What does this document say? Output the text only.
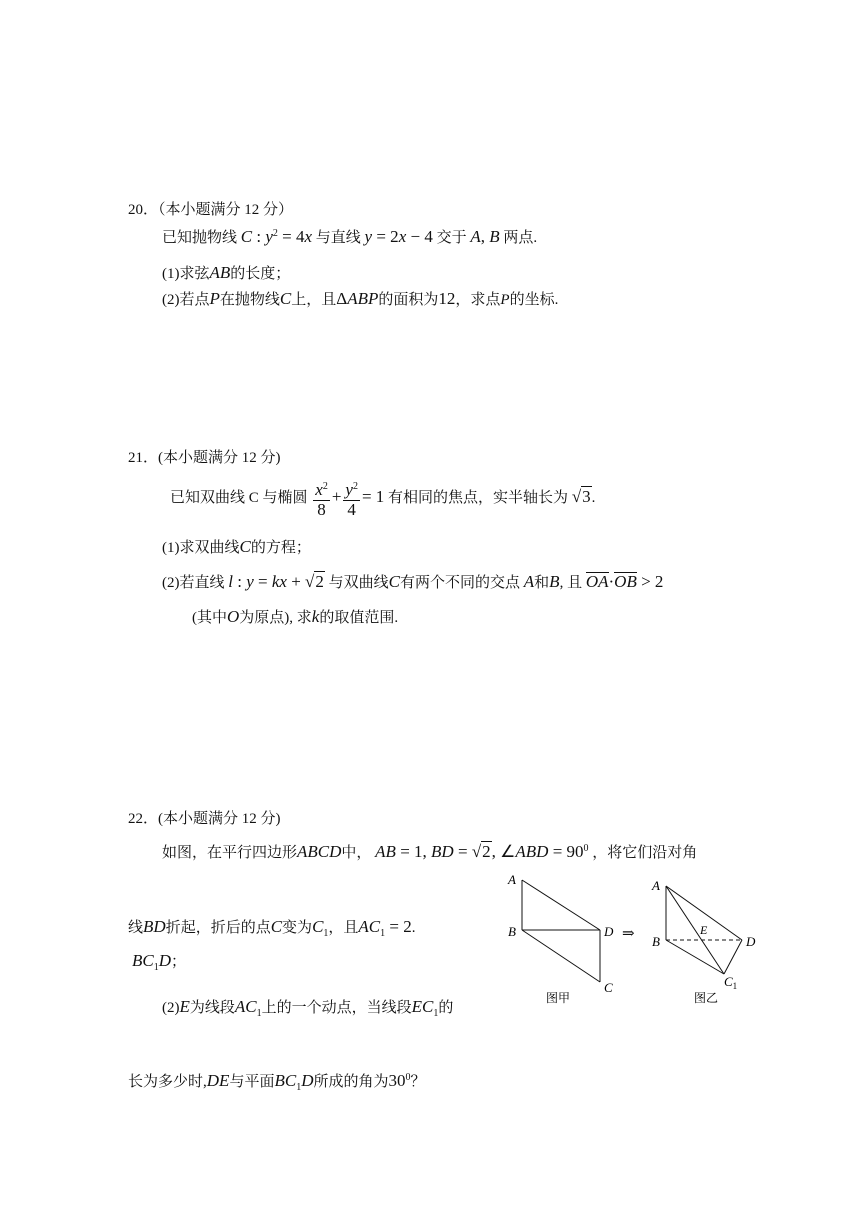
20．（本小题满分 12 分）
已知抛物线 C : $y^2 = 4x$ 与直线 y = 2x − 4 交于 A, B 两点.
(1)求弦AB的长度；
(2)若点P在抛物线C上，且ΔABP的面积为12，求点P的坐标.
21．(本小题满分 12 分)
已知双曲线 C 与椭圆 $\frac{x^2}{8} + \frac{y^2}{4} = 1$ 有相同的焦点，实半轴长为 √3.
(1)求双曲线C的方程；
(2)若直线 l : y = kx + √2 与双曲线C有两个不同的交点 A和B, 且 OA
·OB
> 2
(其中O为原点), 求k的取值范围.
22．(本小题满分 12 分)
如图，在平行四边形ABCD中， AB = 1, BD = √2, ∠ABD = $90^0$ ，将它们沿对角
线BD折起，折后的点C变为$C_1$，且$AC_1 = 2$.
$BC_1D$；
(2)E为线段$AC_1$上的一个动点，当线段$EC_1$的
长为多少时,DE与平面$BC_1D$所成的角为$30^0$？
A
B	D
C
图甲
⇒
A
B
E
D
$C_1$
图乙
